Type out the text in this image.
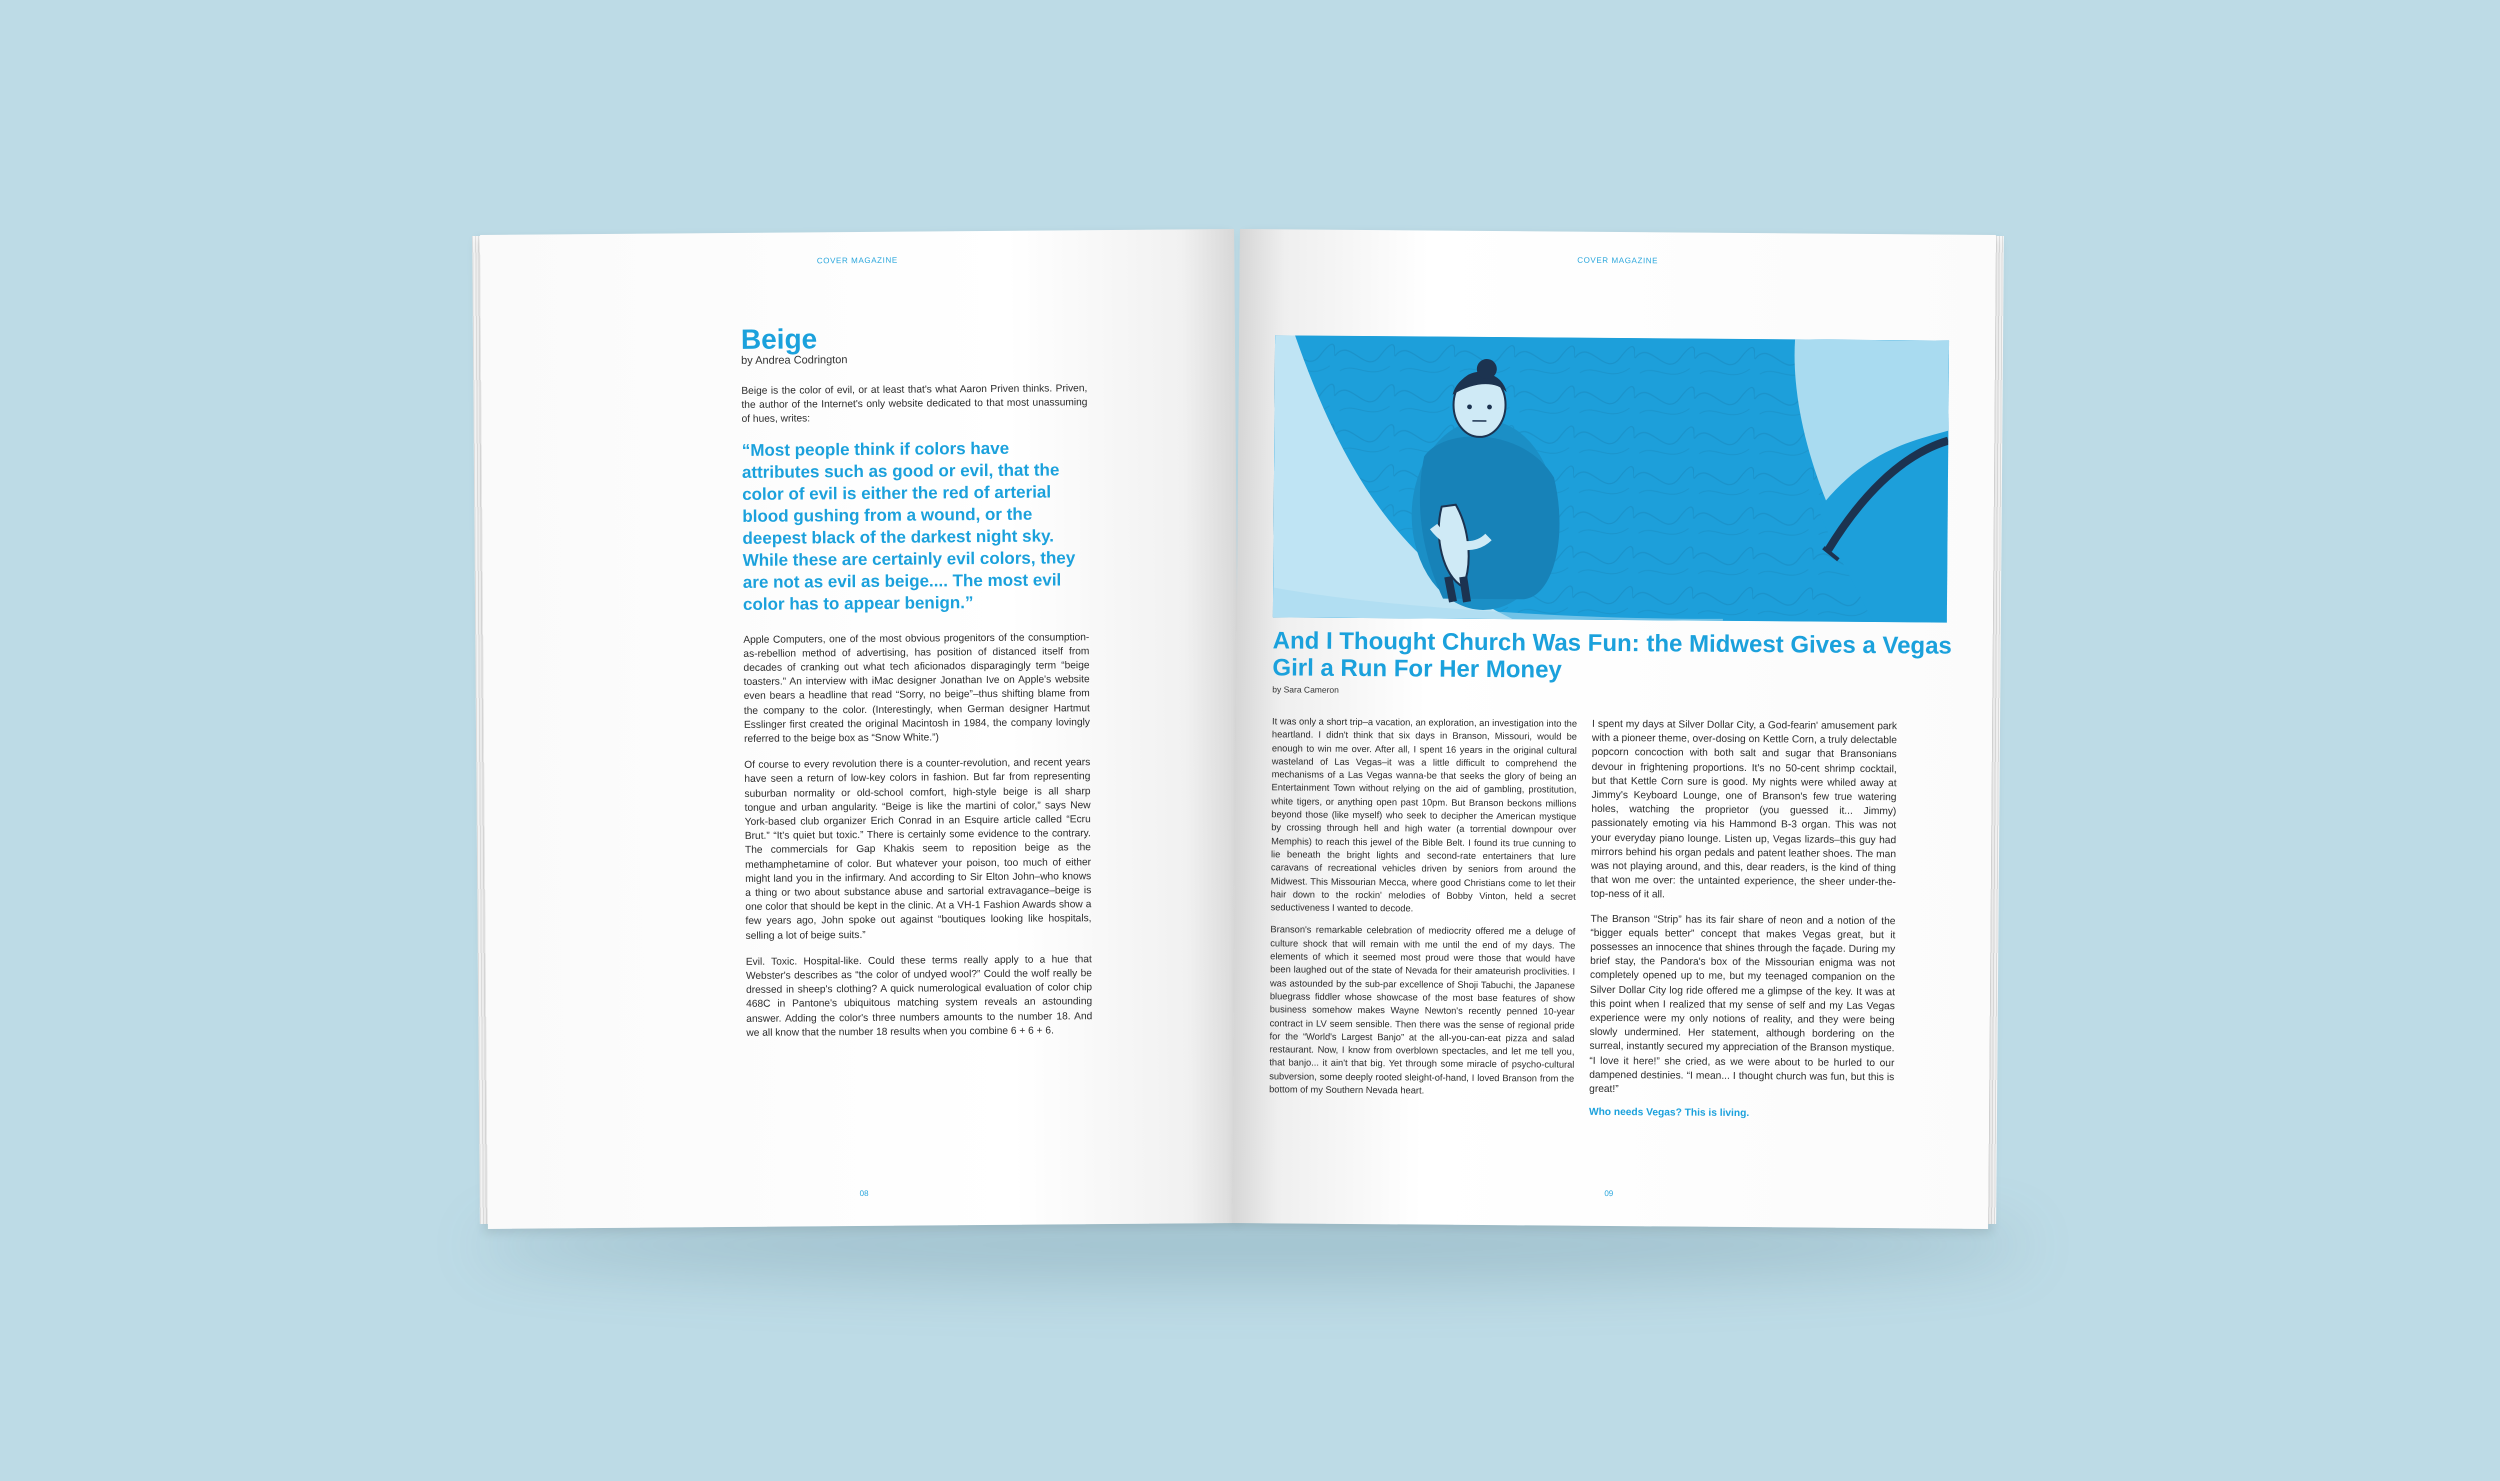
COVER MAGAZINE
Beige

by Andrea Codrington

Beige is the color of evil, or at least that's what Aaron Priven thinks. Priven, the author of the Internet's only website dedicated to that most unassuming of hues, writes:

“Most people think if colors have attributes such as good or evil, that the color of evil is either the red of arterial blood gushing from a wound, or the deepest black of the darkest night sky. While these are certainly evil colors, they are not as evil as beige.... The most evil color has to appear benign.”

Apple Computers, one of the most obvious progenitors of the consumption-as-rebellion method of advertising, has position of distanced itself from decades of cranking out what tech aficionados disparagingly term “beige toasters.” An interview with iMac designer Jonathan Ive on Apple's website even bears a headline that read “Sorry, no beige”–thus shifting blame from the company to the color. (Interestingly, when German designer Hartmut Esslinger first created the original Macintosh in 1984, the company lovingly referred to the beige box as “Snow White.”)

Of course to every revolution there is a counter-revolution, and recent years have seen a return of low-key colors in fashion. But far from representing suburban normality or old-school comfort, high-style beige is all sharp tongue and urban angularity. “Beige is like the martini of color,” says New York-based club organizer Erich Conrad in an Esquire article called “Ecru Brut.” “It's quiet but toxic.” There is certainly some evidence to the contrary. The commercials for Gap Khakis seem to reposition beige as the methamphetamine of color. But whatever your poison, too much of either might land you in the infirmary. And according to Sir Elton John–who knows a thing or two about substance abuse and sartorial extravagance–beige is one color that should be kept in the clinic. At a VH-1 Fashion Awards show a few years ago, John spoke out against “boutiques looking like hospitals, selling a lot of beige suits.”

Evil. Toxic. Hospital-like. Could these terms really apply to a hue that Webster's describes as “the color of undyed wool?” Could the wolf really be dressed in sheep's clothing? A quick numerological evaluation of color chip 468C in Pantone's ubiquitous matching system reveals an astounding answer. Adding the color's three numbers amounts to the number 18. And we all know that the number 18 results when you combine 6 + 6 + 6.

08
COVER MAGAZINE
And I Thought Church Was Fun: the Midwest Gives a Vegas Girl a Run For Her Money

by Sara Cameron

It was only a short trip–a vacation, an exploration, an investigation into the heartland. I didn't think that six days in Branson, Missouri, would be enough to win me over. After all, I spent 16 years in the original cultural wasteland of Las Vegas–it was a little difficult to comprehend the mechanisms of a Las Vegas wanna-be that seeks the glory of being an Entertainment Town without relying on the aid of gambling, prostitution, white tigers, or anything open past 10pm. But Branson beckons millions beyond those (like myself) who seek to decipher the American mystique by crossing through hell and high water (a torrential downpour over Memphis) to reach this jewel of the Bible Belt. I found its true cunning to lie beneath the bright lights and second-rate entertainers that lure caravans of recreational vehicles driven by seniors from around the Midwest. This Missourian Mecca, where good Christians come to let their hair down to the rockin' melodies of Bobby Vinton, held a secret seductiveness I wanted to decode.

Branson's remarkable celebration of mediocrity offered me a deluge of culture shock that will remain with me until the end of my days. The elements of which it seemed most proud were those that would have been laughed out of the state of Nevada for their amateurish proclivities. I was astounded by the sub-par excellence of Shoji Tabuchi, the Japanese bluegrass fiddler whose showcase of the most base features of show business somehow makes Wayne Newton's recently penned 10-year contract in LV seem sensible. Then there was the sense of regional pride for the “World's Largest Banjo” at the all-you-can-eat pizza and salad restaurant. Now, I know from overblown spectacles, and let me tell you, that banjo... it ain't that big. Yet through some miracle of psycho-cultural subversion, some deeply rooted sleight-of-hand, I loved Branson from the bottom of my Southern Nevada heart.

I spent my days at Silver Dollar City, a God-fearin' amusement park with a pioneer theme, over-dosing on Kettle Corn, a truly delectable popcorn concoction with both salt and sugar that Bransonians devour in frightening proportions. It's no 50-cent shrimp cocktail, but that Kettle Corn sure is good. My nights were whiled away at Jimmy's Keyboard Lounge, one of Branson's few true watering holes, watching the proprietor (you guessed it... Jimmy) passionately emoting via his Hammond B-3 organ. This was not your everyday piano lounge. Listen up, Vegas lizards–this guy had mirrors behind his organ pedals and patent leather shoes. The man was not playing around, and this, dear readers, is the kind of thing that won me over: the untainted experience, the sheer under-the-top-ness of it all.

The Branson “Strip” has its fair share of neon and a notion of the “bigger equals better” concept that makes Vegas great, but it possesses an innocence that shines through the façade. During my brief stay, the Pandora's box of the Missourian enigma was not completely opened up to me, but my teenaged companion on the Silver Dollar City log ride offered me a glimpse of the key. It was at this point when I realized that my sense of self and my Las Vegas experience were my only notions of reality, and they were being slowly undermined. Her statement, although bordering on the surreal, instantly secured my appreciation of the Branson mystique. “I love it here!” she cried, as we were about to be hurled to our dampened destinies. “I mean... I thought church was fun, but this is great!”

Who needs Vegas? This is living.

09
